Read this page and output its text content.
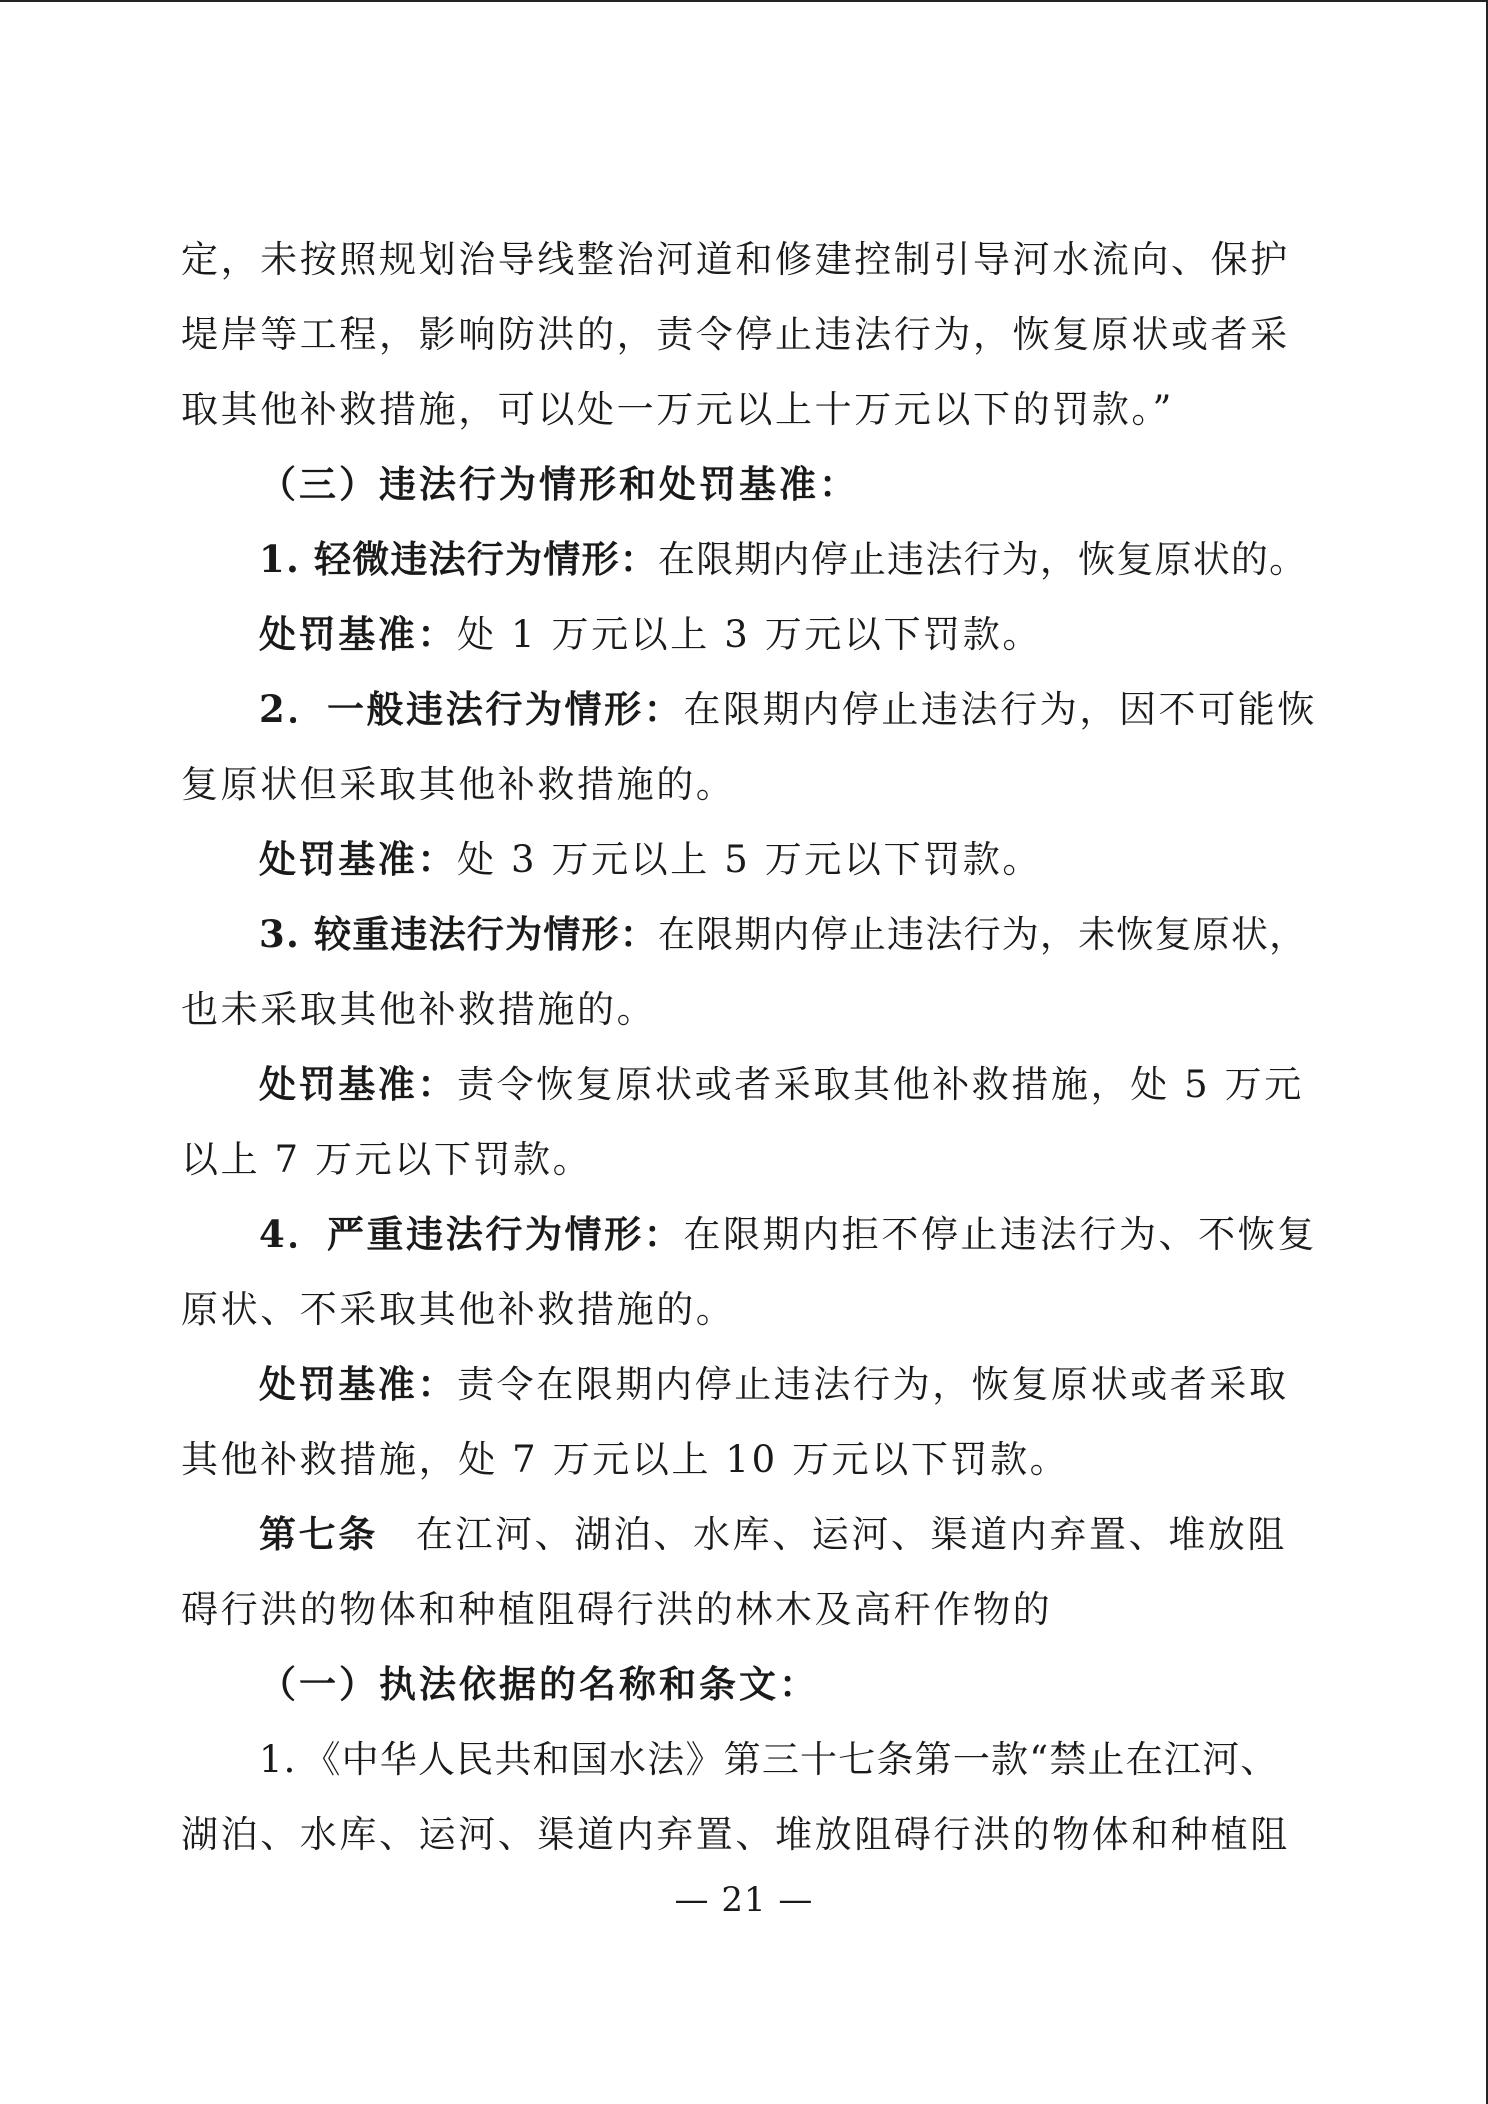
定，未按照规划治导线整治河道和修建控制引导河水流向、保护
堤岸等工程，影响防洪的，责令停止违法行为，恢复原状或者采
取其他补救措施，可以处一万元以上十万元以下的罚款。”
（三）违法行为情形和处罚基准：
1. 轻微违法行为情形：在限期内停止违法行为，恢复原状的。
处罚基准：处 1 万元以上 3 万元以下罚款。
2．一般违法行为情形：在限期内停止违法行为，因不可能恢
复原状但采取其他补救措施的。
处罚基准：处 3 万元以上 5 万元以下罚款。
3. 较重违法行为情形：在限期内停止违法行为，未恢复原状，
也未采取其他补救措施的。
处罚基准：责令恢复原状或者采取其他补救措施，处 5 万元
以上 7 万元以下罚款。
4．严重违法行为情形：在限期内拒不停止违法行为、不恢复
原状、不采取其他补救措施的。
处罚基准：责令在限期内停止违法行为，恢复原状或者采取
其他补救措施，处 7 万元以上 10 万元以下罚款。
第七条 在江河、湖泊、水库、运河、渠道内弃置、堆放阻
碍行洪的物体和种植阻碍行洪的林木及高秆作物的
（一）执法依据的名称和条文：
1．《中华人民共和国水法》第三十七条第一款“禁止在江河、
湖泊、水库、运河、渠道内弃置、堆放阻碍行洪的物体和种植阻
— 21 —
